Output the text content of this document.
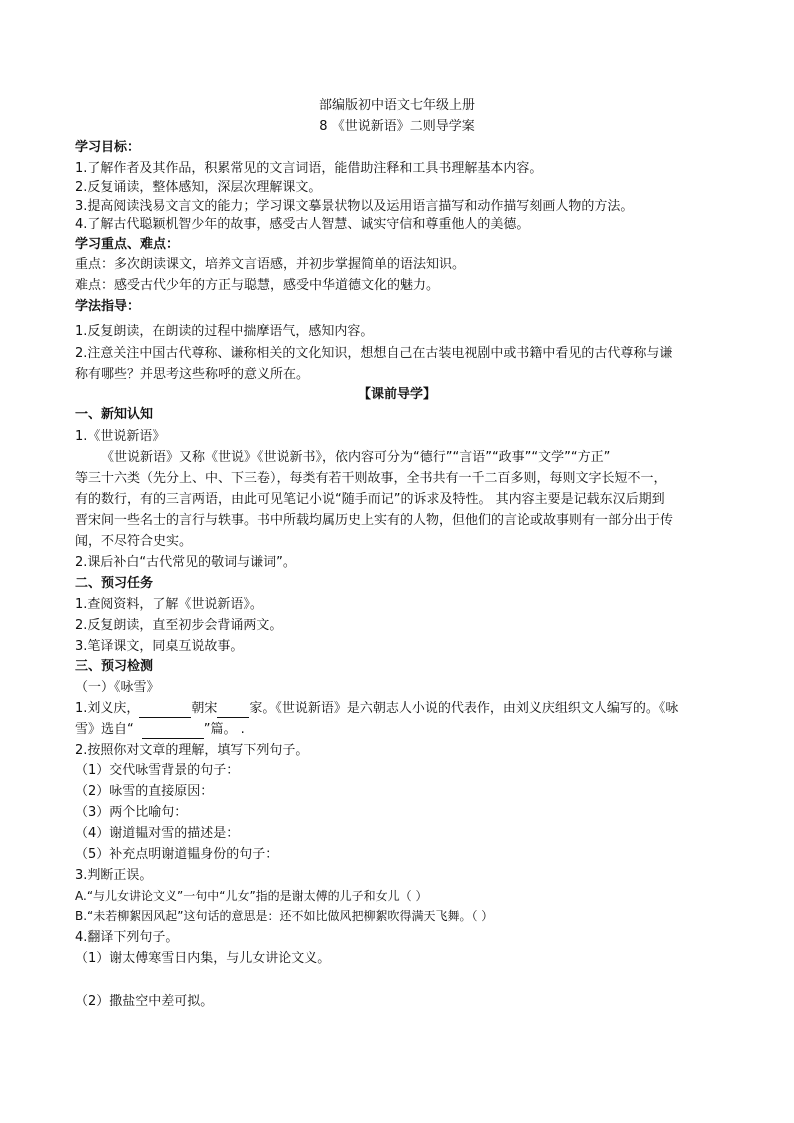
部编版初中语文七年级上册
8 《世说新语》二则导学案
学习目标：
1.了解作者及其作品，积累常见的文言词语，能借助注释和工具书理解基本内容。
2.反复诵读，整体感知，深层次理解课文。
3.提高阅读浅易文言文的能力；学习课文摹景状物以及运用语言描写和动作描写刻画人物的方法。
4.了解古代聪颖机智少年的故事，感受古人智慧、诚实守信和尊重他人的美德。
学习重点、难点：
重点：多次朗读课文，培养文言语感，并初步掌握简单的语法知识。
难点：感受古代少年的方正与聪慧，感受中华道德文化的魅力。
学法指导：
1.反复朗读，在朗读的过程中揣摩语气，感知内容。
2.注意关注中国古代尊称、谦称相关的文化知识，想想自己在古装电视剧中或书籍中看见的古代尊称与谦
称有哪些？并思考这些称呼的意义所在。
【课前导学】
一、新知认知
1.《世说新语》
《世说新语》又称《世说》《世说新书》，依内容可分为“德行”“言语”“政事”“文学”“方正”
等三十六类（先分上、中、下三卷），每类有若干则故事，全书共有一千二百多则，每则文字长短不一，
有的数行，有的三言两语，由此可见笔记小说“随手而记”的诉求及特性。 其内容主要是记载东汉后期到
晋宋间一些名士的言行与轶事。书中所载均属历史上实有的人物，但他们的言论或故事则有一部分出于传
闻，不尽符合史实。
2.课后补白“古代常见的敬词与谦词”。
二、预习任务
1.查阅资料，了解《世说新语》。
2.反复朗读，直至初步会背诵两文。
3.笔译课文，同桌互说故事。
三、预习检测
（一）《咏雪》
1.刘义庆，	朝宋 家。《世说新语》是六朝志人小说的代表作，由刘义庆组织文人编写的。《咏
雪》选自“	”篇。 .
2.按照你对文章的理解，填写下列句子。
（1）交代咏雪背景的句子：
（2）咏雪的直接原因：
（3）两个比喻句：
（4）谢道韫对雪的描述是：
（5）补充点明谢道韫身份的句子：
3.判断正误。
A.“与儿女讲论文义”一句中“儿女”指的是谢太傅的儿子和女儿（ ）
B.“未若柳絮因风起”这句话的意思是：还不如比做风把柳絮吹得满天飞舞。（ ）
4.翻译下列句子。
（1）谢太傅寒雪日内集，与儿女讲论文义。
（2）撒盐空中差可拟。
